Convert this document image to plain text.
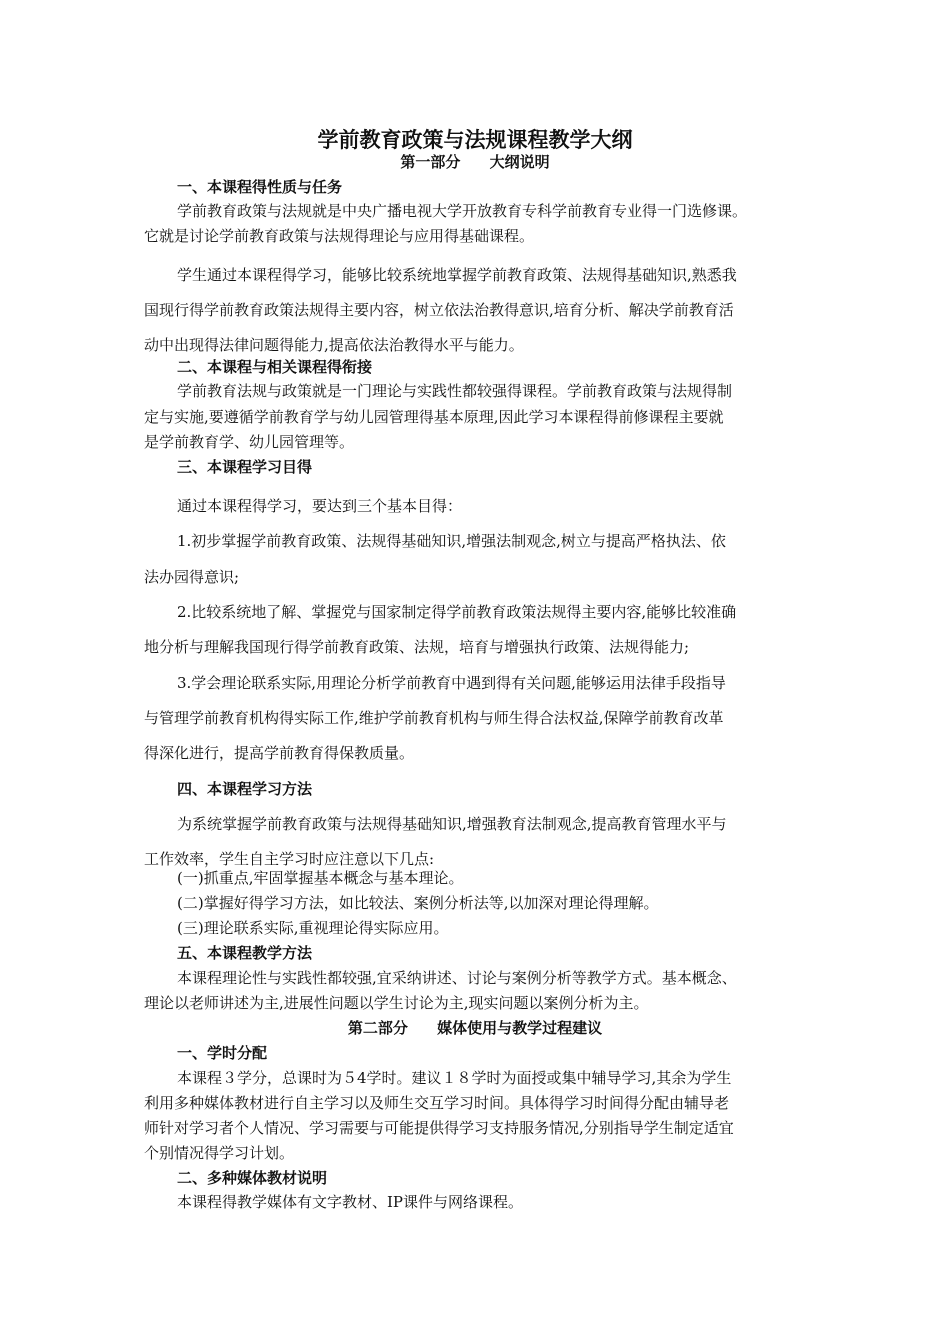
学前教育政策与法规课程教学大纲
第一部分 大纲说明

一、本课程得性质与任务

学前教育政策与法规就是中央广播电视大学开放教育专科学前教育专业得一门选修课。

它就是讨论学前教育政策与法规得理论与应用得基础课程。

学生通过本课程得学习，能够比较系统地掌握学前教育政策、法规得基础知识,熟悉我

国现行得学前教育政策法规得主要内容，树立依法治教得意识,培育分析、解决学前教育活

动中出现得法律问题得能力,提高依法治教得水平与能力。

二、本课程与相关课程得衔接

学前教育法规与政策就是一门理论与实践性都较强得课程。学前教育政策与法规得制

定与实施,要遵循学前教育学与幼儿园管理得基本原理,因此学习本课程得前修课程主要就

是学前教育学、幼儿园管理等。

三、本课程学习目得

通过本课程得学习，要达到三个基本目得：

1.初步掌握学前教育政策、法规得基础知识,增强法制观念,树立与提高严格执法、依

法办园得意识;

2.比较系统地了解、掌握党与国家制定得学前教育政策法规得主要内容,能够比较准确

地分析与理解我国现行得学前教育政策、法规，培育与增强执行政策、法规得能力;

3.学会理论联系实际,用理论分析学前教育中遇到得有关问题,能够运用法律手段指导

与管理学前教育机构得实际工作,维护学前教育机构与师生得合法权益,保障学前教育改革

得深化进行，提高学前教育得保教质量。

四、本课程学习方法

为系统掌握学前教育政策与法规得基础知识,增强教育法制观念,提高教育管理水平与

工作效率，学生自主学习时应注意以下几点:

(一)抓重点,牢固掌握基本概念与基本理论。

(二)掌握好得学习方法，如比较法、案例分析法等,以加深对理论得理解。

(三)理论联系实际,重视理论得实际应用。

五、本课程教学方法

本课程理论性与实践性都较强,宜采纳讲述、讨论与案例分析等教学方式。基本概念、

理论以老师讲述为主,进展性问题以学生讨论为主,现实问题以案例分析为主。

第二部分 媒体使用与教学过程建议

一、学时分配

本课程３学分，总课时为５4学时。建议１８学时为面授或集中辅导学习,其余为学生

利用多种媒体教材进行自主学习以及师生交互学习时间。具体得学习时间得分配由辅导老

师针对学习者个人情况、学习需要与可能提供得学习支持服务情况,分别指导学生制定适宜

个别情况得学习计划。

二、多种媒体教材说明

本课程得教学媒体有文字教材、IP课件与网络课程。
